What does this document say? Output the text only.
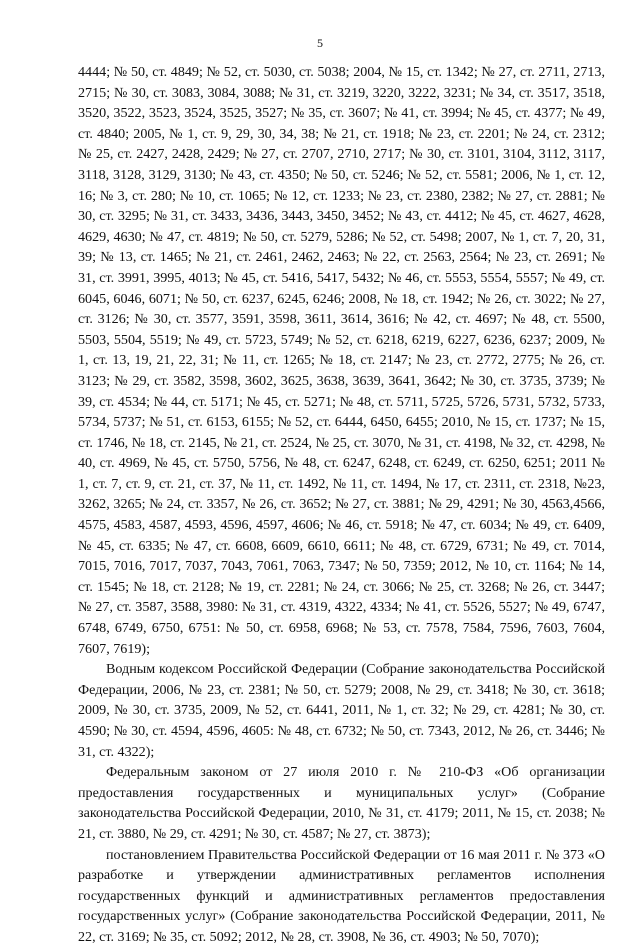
5

4444; № 50, ст. 4849; № 52, ст. 5030, ст. 5038; 2004, № 15, ст. 1342; № 27, ст. 2711, 2713, 2715; № 30, ст. 3083, 3084, 3088; № 31, ст. 3219, 3220, 3222, 3231; № 34, ст. 3517, 3518, 3520, 3522, 3523, 3524, 3525, 3527; № 35, ст. 3607; № 41, ст. 3994; № 45, ст. 4377; № 49, ст. 4840; 2005, № 1, ст. 9, 29, 30, 34, 38; № 21, ст. 1918; № 23, ст. 2201; № 24, ст. 2312; № 25, ст. 2427, 2428, 2429; № 27, ст. 2707, 2710, 2717; № 30, ст. 3101, 3104, 3112, 3117, 3118, 3128, 3129, 3130; № 43, ст. 4350; № 50, ст. 5246; № 52, ст. 5581; 2006, № 1, ст. 12, 16; № 3, ст. 280; № 10, ст. 1065; № 12, ст. 1233; № 23, ст. 2380, 2382; № 27, ст. 2881; № 30, ст. 3295; № 31, ст. 3433, 3436, 3443, 3450, 3452; № 43, ст. 4412; № 45, ст. 4627, 4628, 4629, 4630; № 47, ст. 4819; № 50, ст. 5279, 5286; № 52, ст. 5498; 2007, № 1, ст. 7, 20, 31, 39; № 13, ст. 1465; № 21, ст. 2461, 2462, 2463; № 22, ст. 2563, 2564; № 23, ст. 2691; № 31, ст. 3991, 3995, 4013; № 45, ст. 5416, 5417, 5432; № 46, ст. 5553, 5554, 5557; № 49, ст. 6045, 6046, 6071; № 50, ст. 6237, 6245, 6246; 2008, № 18, ст. 1942; № 26, ст. 3022; № 27, ст. 3126; № 30, ст. 3577, 3591, 3598, 3611, 3614, 3616; № 42, ст. 4697; № 48, ст. 5500, 5503, 5504, 5519; № 49, ст. 5723, 5749; № 52, ст. 6218, 6219, 6227, 6236, 6237; 2009, № 1, ст. 13, 19, 21, 22, 31; № 11, ст. 1265; № 18, ст. 2147; № 23, ст. 2772, 2775; № 26, ст. 3123; № 29, ст. 3582, 3598, 3602, 3625, 3638, 3639, 3641, 3642; № 30, ст. 3735, 3739; № 39, ст. 4534; № 44, ст. 5171; № 45, ст. 5271; № 48, ст. 5711, 5725, 5726, 5731, 5732, 5733, 5734, 5737; № 51, ст. 6153, 6155; № 52, ст. 6444, 6450, 6455; 2010, № 15, ст. 1737; № 15, ст. 1746, № 18, ст. 2145, № 21, ст. 2524, № 25, ст. 3070, № 31, ст. 4198, № 32, ст. 4298, № 40, ст. 4969, № 45, ст. 5750, 5756, № 48, ст. 6247, 6248, ст. 6249, ст. 6250, 6251; 2011 № 1, ст. 7, ст. 9, ст. 21, ст. 37, № 11, ст. 1492, № 11, ст. 1494, № 17, ст. 2311, ст. 2318, №23, 3262, 3265; № 24, ст. 3357, № 26, ст. 3652; № 27, ст. 3881; № 29, 4291; № 30, 4563,4566, 4575, 4583, 4587, 4593, 4596, 4597, 4606; № 46, ст. 5918; № 47, ст. 6034; № 49, ст. 6409, № 45, ст. 6335; № 47, ст. 6608, 6609, 6610, 6611; № 48, ст. 6729, 6731; № 49, ст. 7014, 7015, 7016, 7017, 7037, 7043, 7061, 7063, 7347; № 50, 7359; 2012, № 10, ст. 1164; № 14, ст. 1545; № 18, ст. 2128; № 19, ст. 2281; № 24, ст. 3066; № 25, ст. 3268; № 26, ст. 3447; № 27, ст. 3587, 3588, 3980: № 31, ст. 4319, 4322, 4334; № 41, ст. 5526, 5527; № 49, 6747, 6748, 6749, 6750, 6751: № 50, ст. 6958, 6968; № 53, ст. 7578, 7584, 7596, 7603, 7604, 7607, 7619);

Водным кодексом Российской Федерации (Собрание законодательства Российской Федерации, 2006, № 23, ст. 2381; № 50, ст. 5279; 2008, № 29, ст. 3418; № 30, ст. 3618; 2009, № 30, ст. 3735, 2009, № 52, ст. 6441, 2011, № 1, ст. 32; № 29, ст. 4281; № 30, ст. 4590; № 30, ст. 4594, 4596, 4605: № 48, ст. 6732; № 50, ст. 7343, 2012, № 26, ст. 3446; № 31, ст. 4322);

Федеральным законом от 27 июля 2010 г. № 210-ФЗ «Об организации предоставления государственных и муниципальных услуг» (Собрание законодательства Российской Федерации, 2010, № 31, ст. 4179; 2011, № 15, ст. 2038; № 21, ст. 3880, № 29, ст. 4291; № 30, ст. 4587; № 27, ст. 3873);

постановлением Правительства Российской Федерации от 16 мая 2011 г. № 373 «О разработке и утверждении административных регламентов исполнения государственных функций и административных регламентов предоставления государственных услуг» (Собрание законодательства Российской Федерации, 2011, № 22, ст. 3169; № 35, ст. 5092; 2012, № 28, ст. 3908, № 36, ст. 4903; № 50, 7070);
